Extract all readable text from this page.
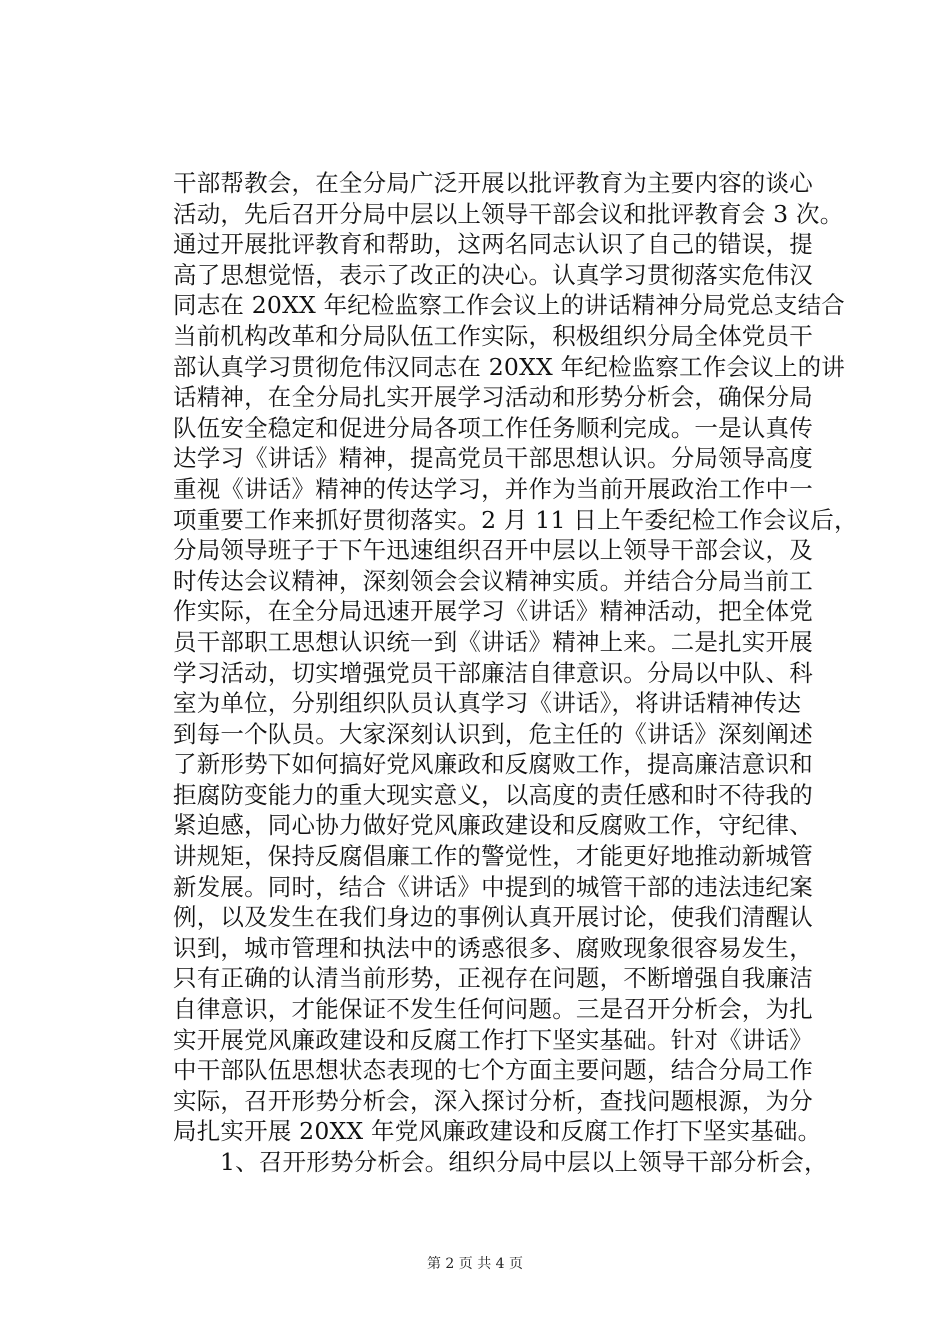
干部帮教会，在全分局广泛开展以批评教育为主要内容的谈心
活动，先后召开分局中层以上领导干部会议和批评教育会 3 次。
通过开展批评教育和帮助，这两名同志认识了自己的错误，提
高了思想觉悟，表示了改正的决心。认真学习贯彻落实危伟汉
同志在 20XX 年纪检监察工作会议上的讲话精神分局党总支结合
当前机构改革和分局队伍工作实际，积极组织分局全体党员干
部认真学习贯彻危伟汉同志在 20XX 年纪检监察工作会议上的讲
话精神，在全分局扎实开展学习活动和形势分析会，确保分局
队伍安全稳定和促进分局各项工作任务顺利完成。一是认真传
达学习《讲话》精神，提高党员干部思想认识。分局领导高度
重视《讲话》精神的传达学习，并作为当前开展政治工作中一
项重要工作来抓好贯彻落实。2 月 11 日上午委纪检工作会议后，
分局领导班子于下午迅速组织召开中层以上领导干部会议，及
时传达会议精神，深刻领会会议精神实质。并结合分局当前工
作实际，在全分局迅速开展学习《讲话》精神活动，把全体党
员干部职工思想认识统一到《讲话》精神上来。二是扎实开展
学习活动，切实增强党员干部廉洁自律意识。分局以中队、科
室为单位，分别组织队员认真学习《讲话》，将讲话精神传达
到每一个队员。大家深刻认识到，危主任的《讲话》深刻阐述
了新形势下如何搞好党风廉政和反腐败工作，提高廉洁意识和
拒腐防变能力的重大现实意义，以高度的责任感和时不待我的
紧迫感，同心协力做好党风廉政建设和反腐败工作，守纪律、
讲规矩，保持反腐倡廉工作的警觉性，才能更好地推动新城管
新发展。同时，结合《讲话》中提到的城管干部的违法违纪案
例，以及发生在我们身边的事例认真开展讨论，使我们清醒认
识到，城市管理和执法中的诱惑很多、腐败现象很容易发生，
只有正确的认清当前形势，正视存在问题，不断增强自我廉洁
自律意识，才能保证不发生任何问题。三是召开分析会，为扎
实开展党风廉政建设和反腐工作打下坚实基础。针对《讲话》
中干部队伍思想状态表现的七个方面主要问题，结合分局工作
实际，召开形势分析会，深入探讨分析，查找问题根源，为分
局扎实开展 20XX 年党风廉政建设和反腐工作打下坚实基础。
1、召开形势分析会。组织分局中层以上领导干部分析会，
第 2 页 共 4 页
